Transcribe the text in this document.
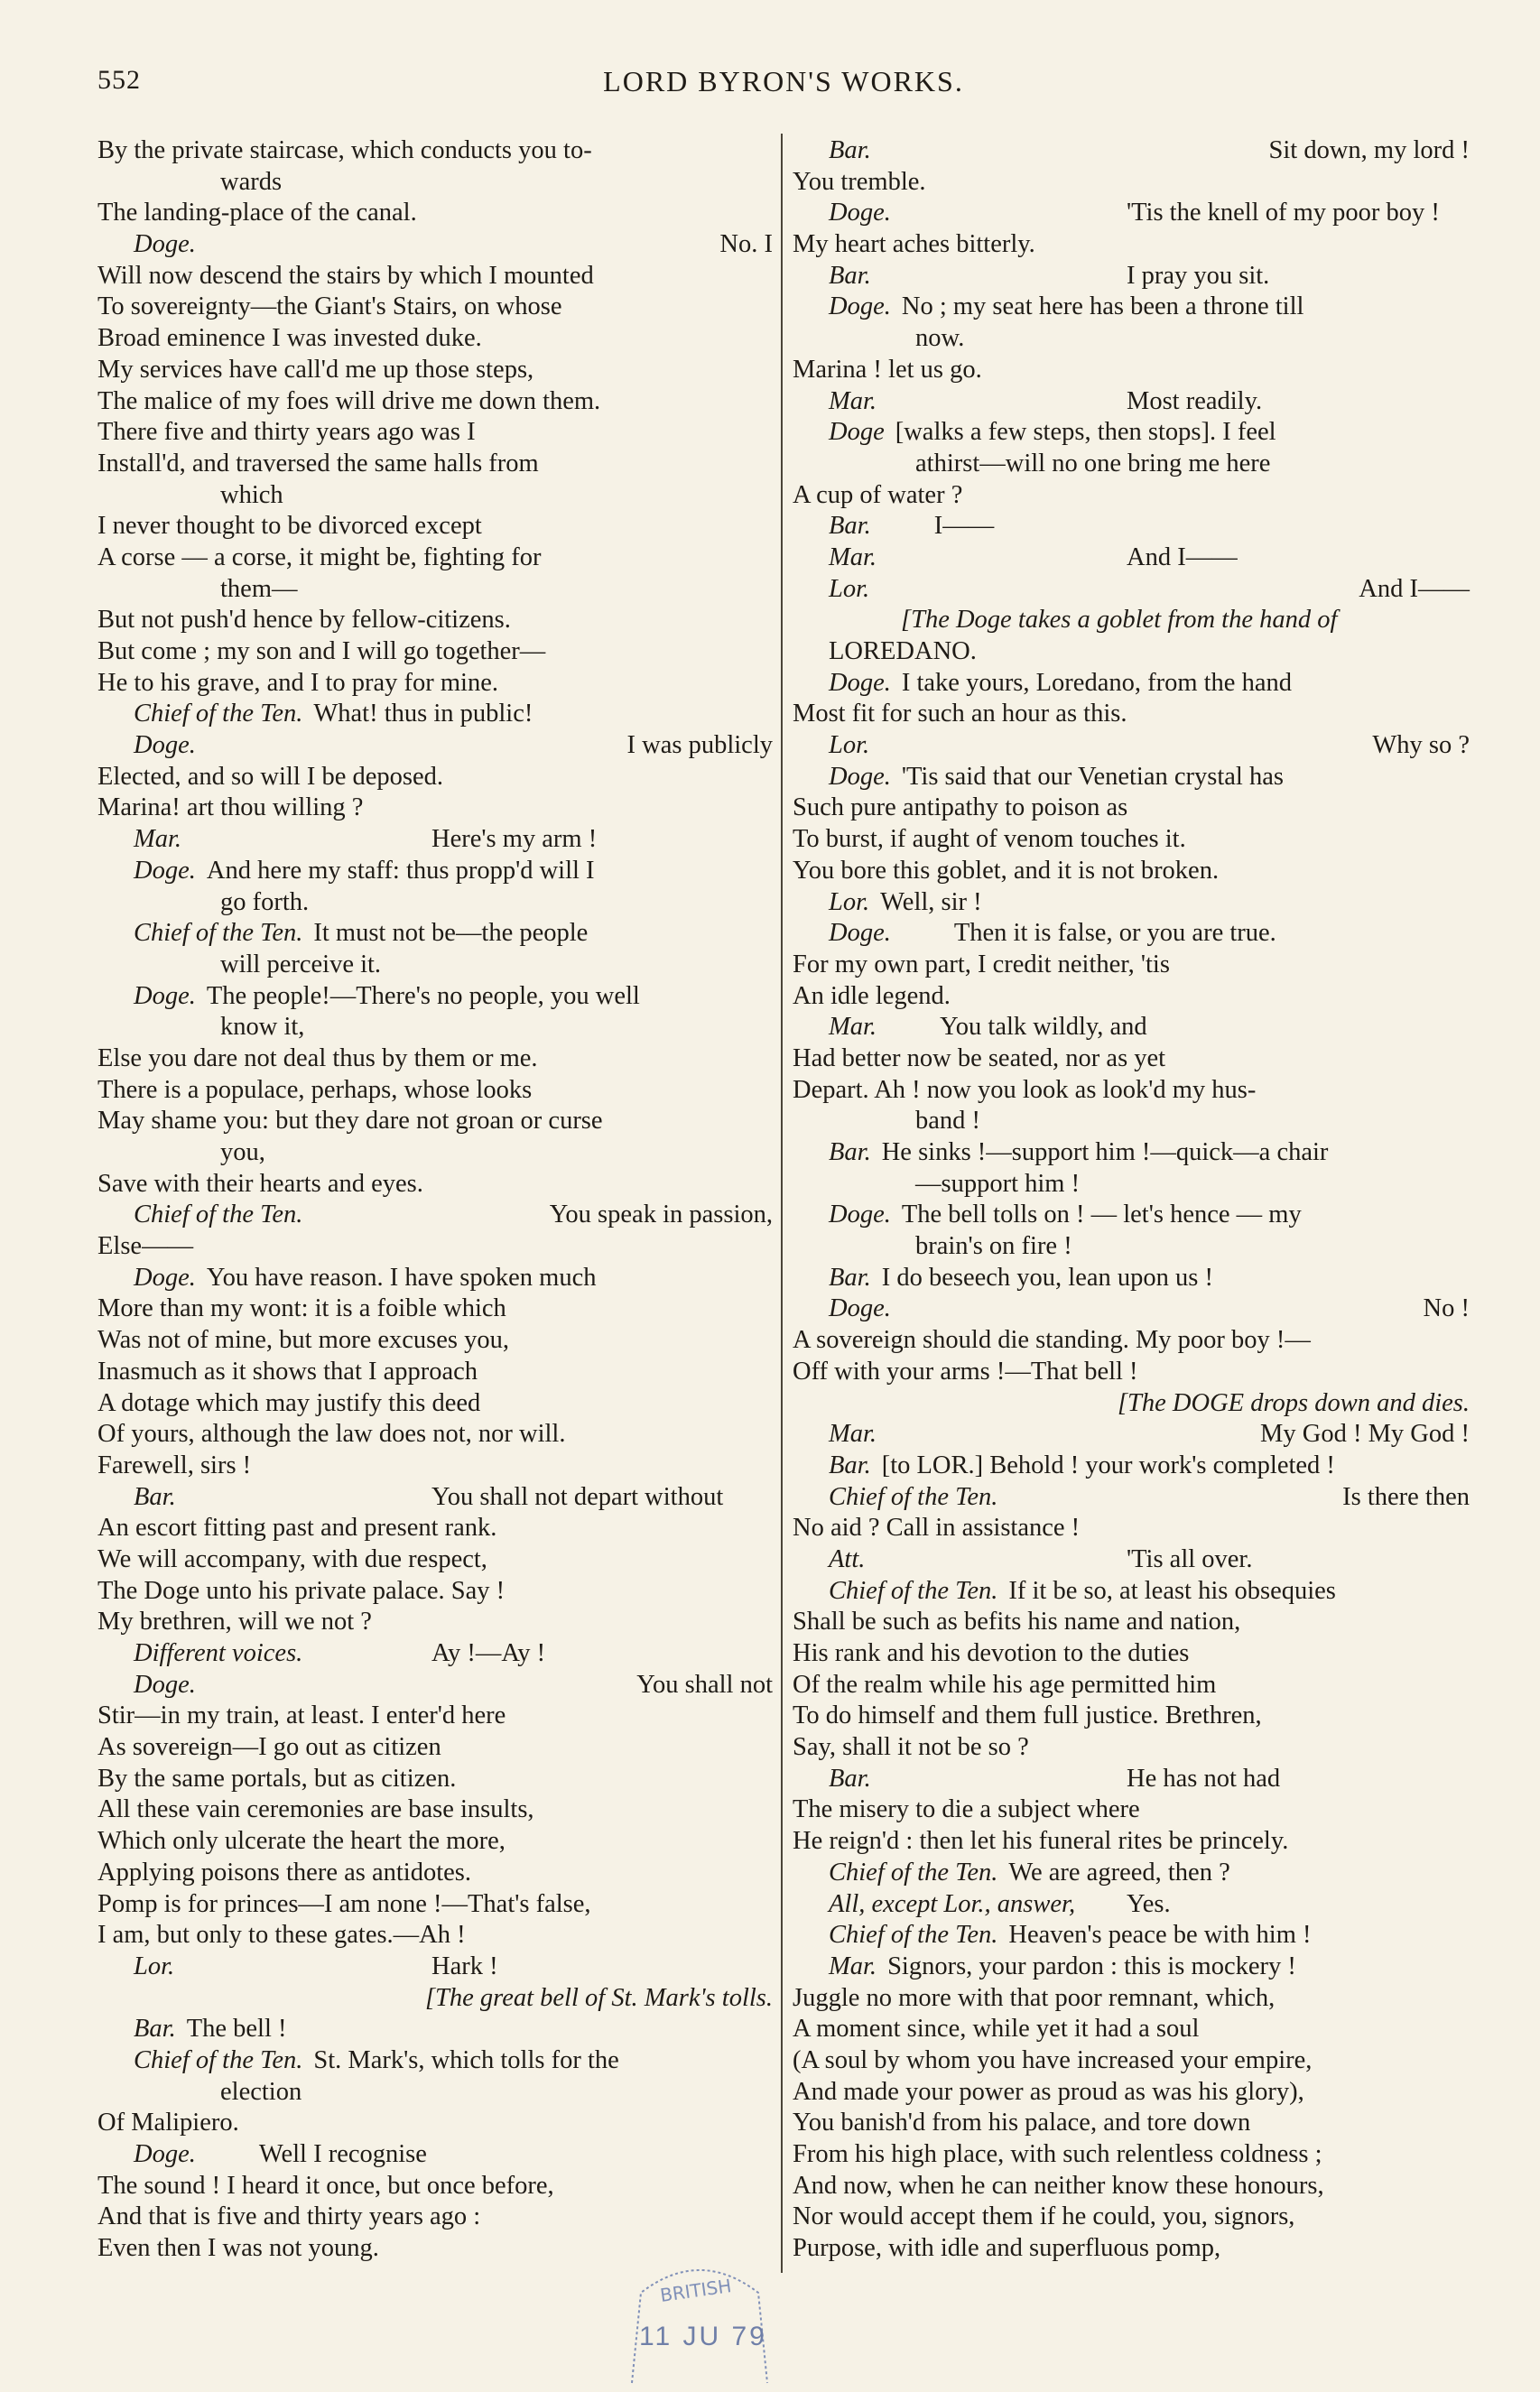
552	LORD BYRON'S WORKS.
By the private staircase, which conducts you to-
wards
The landing-place of the canal.
Doge.	No. I
Will now descend the stairs by which I mounted
To sovereignty—the Giant's Stairs, on whose
Broad eminence I was invested duke.
My services have call'd me up those steps,
The malice of my foes will drive me down them.
There five and thirty years ago was I
Install'd, and traversed the same halls from
which
I never thought to be divorced except
A corse — a corse, it might be, fighting for
them—
But not push'd hence by fellow-citizens.
But come ; my son and I will go together—
He to his grave, and I to pray for mine.
Chief of the Ten. What! thus in public!
Doge.	I was publicly
Elected, and so will I be deposed.
Marina! art thou willing ?
Mar.	Here's my arm !
Doge. And here my staff: thus propp'd will I
go forth.
Chief of the Ten. It must not be—the people
will perceive it.
Doge. The people!—There's no people, you well
know it,
Else you dare not deal thus by them or me.
There is a populace, perhaps, whose looks
May shame you: but they dare not groan or curse
you,
Save with their hearts and eyes.
Chief of the Ten.	You speak in passion,
Else——
Doge. You have reason. I have spoken much
More than my wont: it is a foible which
Was not of mine, but more excuses you,
Inasmuch as it shows that I approach
A dotage which may justify this deed
Of yours, although the law does not, nor will.
Farewell, sirs !
Bar.	You shall not depart without
An escort fitting past and present rank.
We will accompany, with due respect,
The Doge unto his private palace. Say !
My brethren, will we not ?
Different voices.	Ay !—Ay !
Doge.	You shall not
Stir—in my train, at least. I enter'd here
As sovereign—I go out as citizen
By the same portals, but as citizen.
All these vain ceremonies are base insults,
Which only ulcerate the heart the more,
Applying poisons there as antidotes.
Pomp is for princes—I am none !—That's false,
I am, but only to these gates.—Ah !
Lor.	Hark !
[The great bell of St. Mark's tolls.
Bar. The bell !
Chief of the Ten. St. Mark's, which tolls for the
election
Of Malipiero.
Doge. Well I recognise
The sound ! I heard it once, but once before,
And that is five and thirty years ago :
Even then I was not young.
Bar.	Sit down, my lord !
You tremble.
Doge.	'Tis the knell of my poor boy !
My heart aches bitterly.
Bar.	I pray you sit.
Doge. No ; my seat here has been a throne till
now.
Marina ! let us go.
Mar.	Most readily.
Doge [walks a few steps, then stops]. I feel
athirst—will no one bring me here
A cup of water ?
Bar. I——
Mar.	And I——
Lor.	And I——
[The Doge takes a goblet from the hand of
LOREDANO.
Doge. I take yours, Loredano, from the hand
Most fit for such an hour as this.
Lor.	Why so ?
Doge. 'Tis said that our Venetian crystal has
Such pure antipathy to poison as
To burst, if aught of venom touches it.
You bore this goblet, and it is not broken.
Lor. Well, sir !
Doge. Then it is false, or you are true.
For my own part, I credit neither, 'tis
An idle legend.
Mar. You talk wildly, and
Had better now be seated, nor as yet
Depart. Ah ! now you look as look'd my hus-
band !
Bar. He sinks !—support him !—quick—a chair
—support him !
Doge. The bell tolls on ! — let's hence — my
brain's on fire !
Bar. I do beseech you, lean upon us !
Doge.	No !
A sovereign should die standing. My poor boy !—
Off with your arms !—That bell !
[The DOGE drops down and dies.
Mar.	My God ! My God !
Bar. [to LOR.] Behold ! your work's completed !
Chief of the Ten.	Is there then
No aid ? Call in assistance !
Att.	'Tis all over.
Chief of the Ten. If it be so, at least his obsequies
Shall be such as befits his name and nation,
His rank and his devotion to the duties
Of the realm while his age permitted him
To do himself and them full justice. Brethren,
Say, shall it not be so ?
Bar.	He has not had
The misery to die a subject where
He reign'd : then let his funeral rites be princely.
Chief of the Ten. We are agreed, then ?
All, except Lor., answer, Yes.
Chief of the Ten. Heaven's peace be with him !
Mar. Signors, your pardon : this is mockery !
Juggle no more with that poor remnant, which,
A moment since, while yet it had a soul
(A soul by whom you have increased your empire,
And made your power as proud as was his glory),
You banish'd from his palace, and tore down
From his high place, with such relentless coldness ;
And now, when he can neither know these honours,
Nor would accept them if he could, you, signors,
Purpose, with idle and superfluous pomp,
BRITISH
11 JU 79
